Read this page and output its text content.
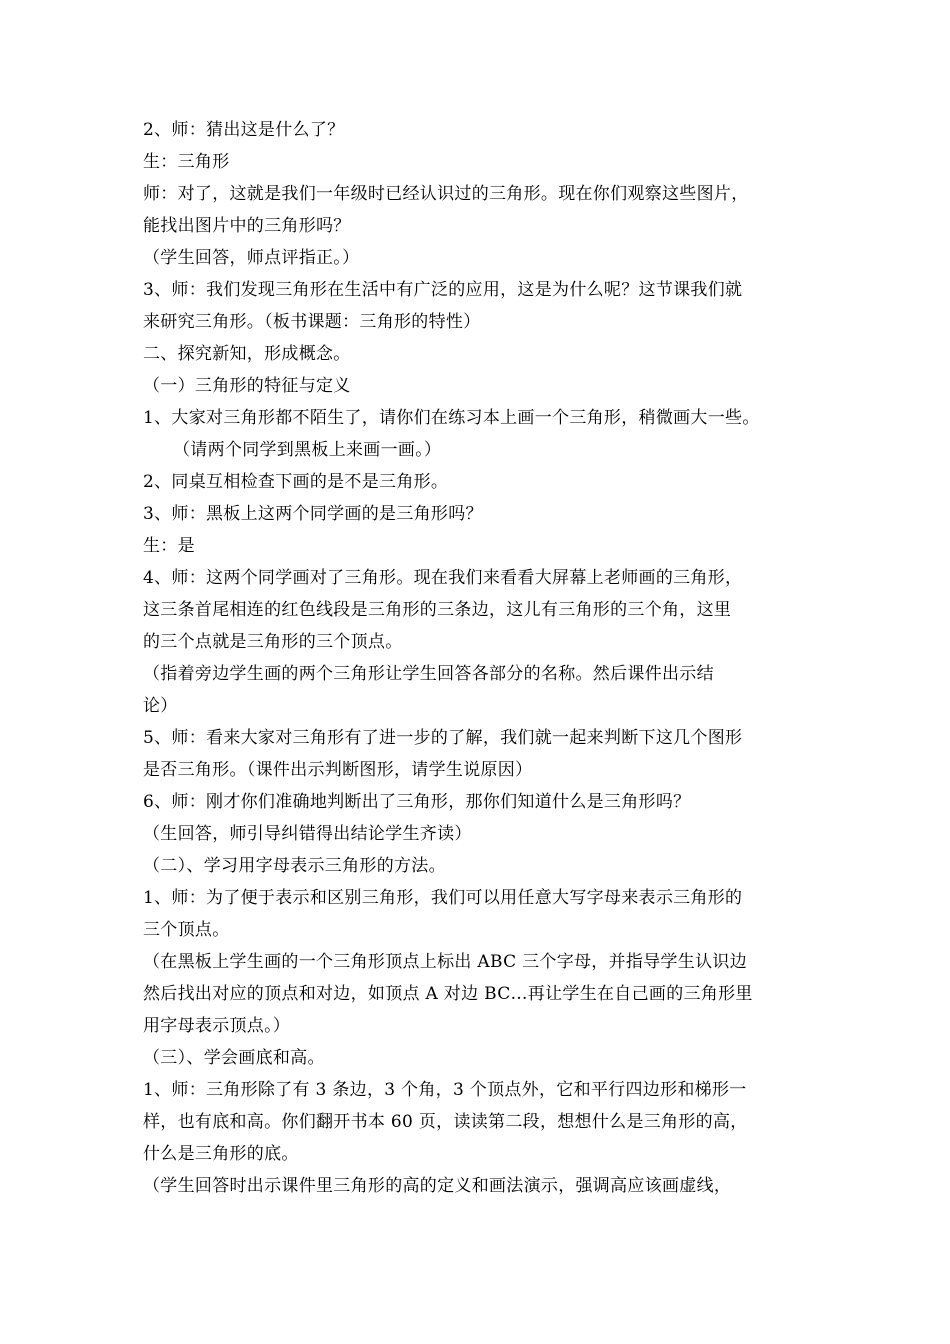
2、师：猜出这是什么了？
生：三角形
师：对了，这就是我们一年级时已经认识过的三角形。现在你们观察这些图片，
能找出图片中的三角形吗？
（学生回答，师点评指正。）
3、师：我们发现三角形在生活中有广泛的应用，这是为什么呢？这节课我们就
来研究三角形。（板书课题：三角形的特性）
二、探究新知，形成概念。
（一）三角形的特征与定义
1、大家对三角形都不陌生了，请你们在练习本上画一个三角形，稍微画大一些。
（请两个同学到黑板上来画一画。）
2、同桌互相检查下画的是不是三角形。
3、师：黑板上这两个同学画的是三角形吗？
生：是
4、师：这两个同学画对了三角形。现在我们来看看大屏幕上老师画的三角形，
这三条首尾相连的红色线段是三角形的三条边，这儿有三角形的三个角，这里
的三个点就是三角形的三个顶点。
（指着旁边学生画的两个三角形让学生回答各部分的名称。然后课件出示结
论）
5、师：看来大家对三角形有了进一步的了解，我们就一起来判断下这几个图形
是否三角形。（课件出示判断图形，请学生说原因）
6、师：刚才你们准确地判断出了三角形，那你们知道什么是三角形吗？
（生回答，师引导纠错得出结论学生齐读）
（二）、学习用字母表示三角形的方法。
1、师：为了便于表示和区别三角形，我们可以用任意大写字母来表示三角形的
三个顶点。
（在黑板上学生画的一个三角形顶点上标出 ABC 三个字母，并指导学生认识边
然后找出对应的顶点和对边，如顶点 A 对边 BC…再让学生在自己画的三角形里
用字母表示顶点。）
（三）、学会画底和高。
1、师：三角形除了有 3 条边，3 个角，3 个顶点外，它和平行四边形和梯形一
样，也有底和高。你们翻开书本 60 页，读读第二段，想想什么是三角形的高，
什么是三角形的底。
（学生回答时出示课件里三角形的高的定义和画法演示，强调高应该画虚线，
